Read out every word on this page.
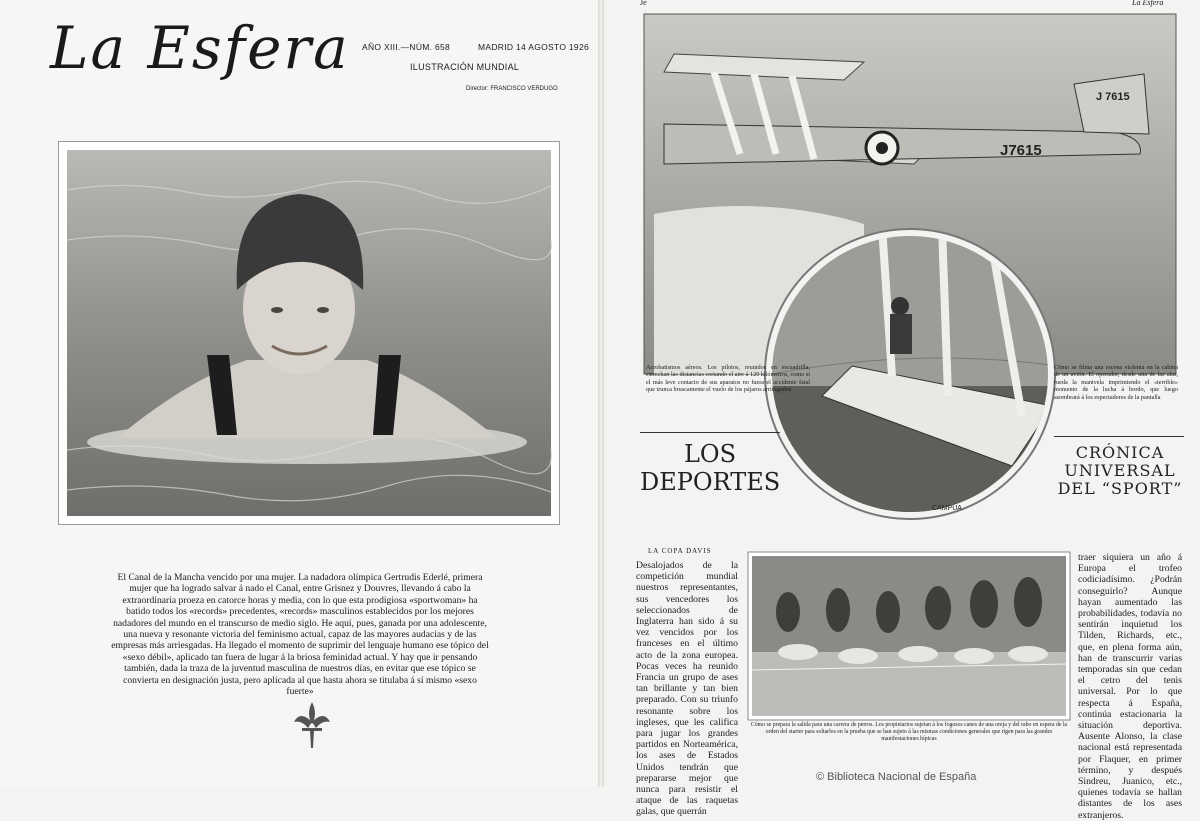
La Esfera AÑO XIII.—NÚM. 658	MADRID 14 AGOSTO 1926
ILUSTRACIÓN MUNDIAL
Director: FRANCISCO VERDUGO
El Canal de la Mancha vencido por una mujer. La nadadora olímpica Gertrudis Ederlé, primera mujer que ha logrado salvar á nado el Canal, entre Grisnez y Douvres, llevando á cabo la extraordinaria proeza en catorce horas y media, con lo que esta prodigiosa «sportwoman» ha batido todos los «records» precedentes, «records» masculinos establecidos por los mejores nadadores del mundo en el transcurso de medio siglo. He aquí, pues, ganada por una adolescente, una nueva y resonante victoria del feminismo actual, capaz de las mayores audacias y de las empresas más arriesgadas. Ha llegado el momento de suprimir del lenguaje humano ese tópico del «sexo débil», aplicado tan fuera de lugar á la briosa feminidad actual. Y hay que ir pensando también, dada la traza de la juventud masculina de nuestros días, en evitar que ese tópico se convierta en designación justa, pero aplicada al que hasta ahora se titulaba á sí mismo «sexo fuerte»
Je	La Esfera
J7615
J 7615
CAMPÚA
Acrobatismos aéreos. Los pilotos, reunidos en escuadrilla, estrechan las distancias cortando el aire á 120 kilómetros, como si el más leve contacto de sus aparatos no fuera el accidente fatal que trunca bruscamente el vuelo de los pájaros arriesgados
Cómo se filma una escena violenta en la cabina de un avión. El operador, desde una de las alas, rueda la manivela imprimiendo el «terrible» momento de la lucha á bordo, que luego asombrará á los espectadores de la pantalla
LOS
DEPORTES
CRÓNICA
UNIVERSAL
DEL “SPORT”
LA COPA DAVIS
Desalojados de la competición mundial nuestros representantes, sus vencedores los seleccionados de Inglaterra han sido á su vez vencidos por los franceses en el último acto de la zona europea. Pocas veces ha reunido Francia un grupo de ases tan brillante y tan bien preparado. Con su triunfo resonante sobre los ingleses, que les califica para jugar los grandes partidos en Norteamérica, los ases de Estados Unidos tendrán que prepararse mejor que nunca para resistir el ataque de las raquetas galas, que querrán
Cómo se prepara la salida para una carrera de perros. Los propietarios sujetan á los fogosos canes de una oreja y del rabo en espera de la orden del starter para soltarlos en la prueba que se han sujeto á las mismas condiciones generales que rigen para las grandes manifestaciones hípicas
traer siquiera un año á Europa el trofeo codiciadísimo. ¿Podrán conseguirlo? Aunque hayan aumentado las probabilidades, todavía no sentirán inquietud los Tilden, Richards, etc., que, en plena forma aún, han de transcurrir varias temporadas sin que cedan el cetro del tenis universal. Por lo que respecta á España, continúa estacionaria la situación deportiva. Ausente Alonso, la clase nacional está representada por Flaquer, en primer término, y después Sindreu, Juanico, etc., quienes todavía se hallan distantes de los ases extranjeros.
© Biblioteca Nacional de España
